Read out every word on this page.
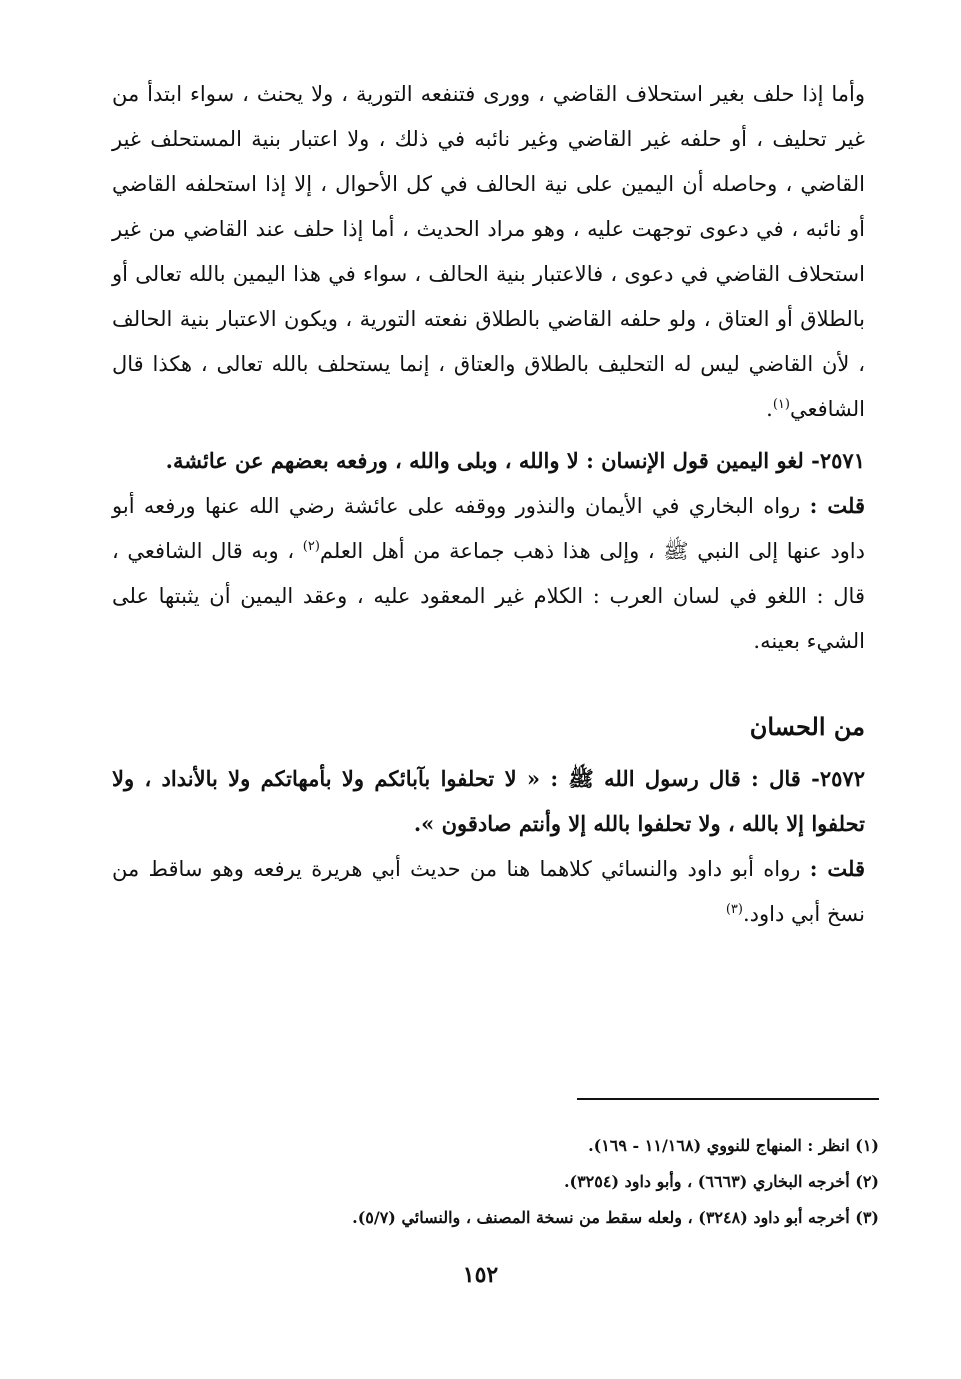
وأما إذا حلف بغير استحلاف القاضي ، وورى فتنفعه التورية ، ولا يحنث ، سواء ابتدأ من غير تحليف ، أو حلفه غير القاضي وغير نائبه في ذلك ، ولا اعتبار بنية المستحلف غير القاضي ، وحاصله أن اليمين على نية الحالف في كل الأحوال ، إلا إذا استحلفه القاضي أو نائبه ، في دعوى توجهت عليه ، وهو مراد الحديث ، أما إذا حلف عند القاضي من غير استحلاف القاضي في دعوى ، فالاعتبار بنية الحالف ، سواء في هذا اليمين بالله تعالى أو بالطلاق أو العتاق ، ولو حلفه القاضي بالطلاق نفعته التورية ، ويكون الاعتبار بنية الحالف ، لأن القاضي ليس له التحليف بالطلاق والعتاق ، إنما يستحلف بالله تعالى ، هكذا قال الشافعي$^{(١)}$.

٢٥٧١- لغو اليمين قول الإنسان : لا والله ، وبلى والله ، ورفعه بعضهم عن عائشة.

قلت : رواه البخاري في الأيمان والنذور ووقفه على عائشة رضي الله عنها ورفعه أبو داود عنها إلى النبي ﷺ ، وإلى هذا ذهب جماعة من أهل العلم$^{(٢)}$ ، وبه قال الشافعي ، قال : اللغو في لسان العرب : الكلام غير المعقود عليه ، وعقد اليمين أن يثبتها على الشيء بعينه.

من الحسان

٢٥٧٢- قال : قال رسول الله ﷺ : « لا تحلفوا بآبائكم ولا بأمهاتكم ولا بالأنداد ، ولا تحلفوا إلا بالله ، ولا تحلفوا بالله إلا وأنتم صادقون ».

قلت : رواه أبو داود والنسائي كلاهما هنا من حديث أبي هريرة يرفعه وهو ساقط من نسخ أبي داود.$^{(٣)}$

(١) انظر : المنهاج للنووي (١١/١٦٨ - ١٦٩).

(٢) أخرجه البخاري (٦٦٦٣) ، وأبو داود (٣٢٥٤).

(٣) أخرجه أبو داود (٣٢٤٨) ، ولعله سقط من نسخة المصنف ، والنسائي (٥/٧).

١٥٢
